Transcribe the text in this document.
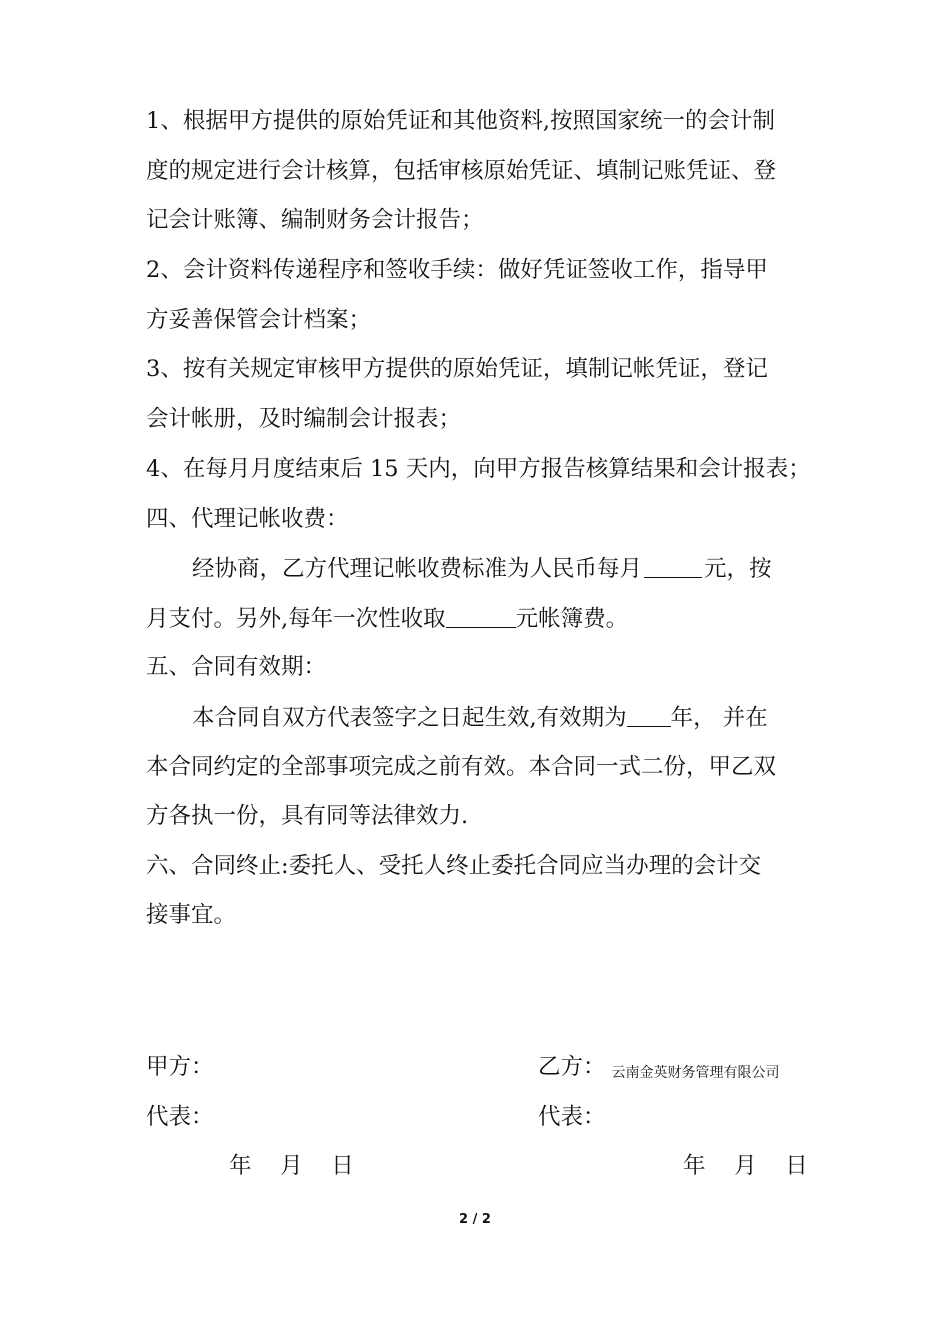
1、根据甲方提供的原始凭证和其他资料,按照国家统一的会计制
度的规定进行会计核算，包括审核原始凭证、填制记账凭证、登
记会计账簿、编制财务会计报告；
2、会计资料传递程序和签收手续：做好凭证签收工作，指导甲
方妥善保管会计档案；
3、按有关规定审核甲方提供的原始凭证，填制记帐凭证，登记
会计帐册，及时编制会计报表；
4、在每月月度结束后 15 天内，向甲方报告核算结果和会计报表；
四、代理记帐收费：
经协商，乙方代理记帐收费标准为人民币每月	元，按
月支付。另外,每年一次性收取	元帐簿费。
五、合同有效期：
本合同自双方代表签字之日起生效,有效期为 年， 并在
本合同约定的全部事项完成之前有效。本合同一式二份，甲乙双
方各执一份，具有同等法律效力.
六、合同终止:委托人、受托人终止委托合同应当办理的会计交
接事宜。
甲方：	乙方： 云南金英财务管理有限公司
代表：	代表：
年    月    日	年    月    日
2 / 2
